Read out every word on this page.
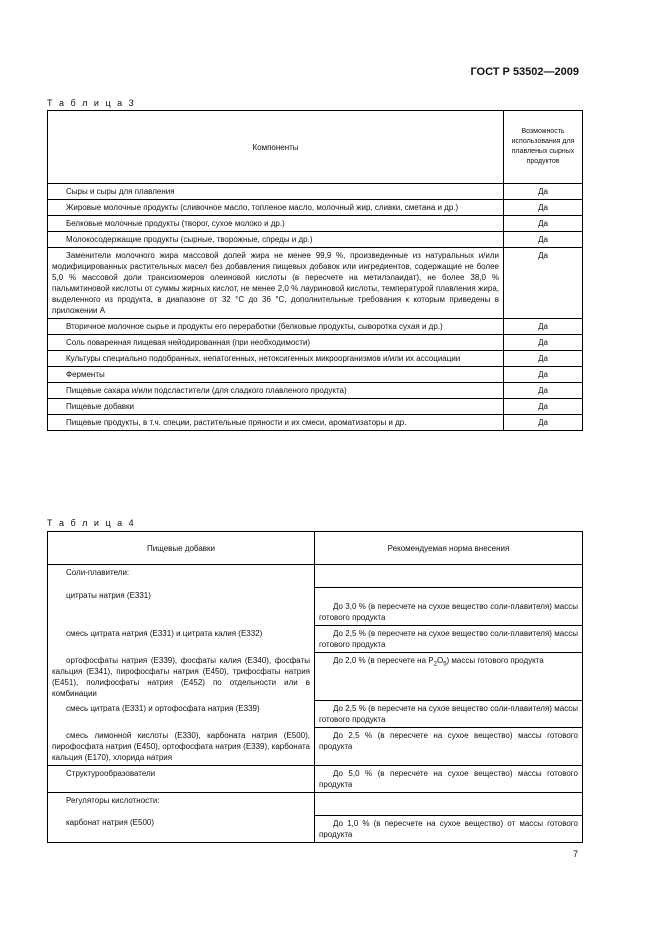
ГОСТ Р 53502—2009
Т а б л и ц а 3
Компоненты	Возможность использования для плавленых сырных продуктов
Сыры и сыры для плавления	Да
Жировые молочные продукты (сливочное масло, топленое масло, молочный жир, сливки, сметана и др.)	Да
Белковые молочные продукты (творог, сухое молоко и др.)	Да
Молокосодержащие продукты (сырные, творожные, спреды и др.)	Да
Заменители молочного жира массовой долей жира не менее 99,9 %, произведенные из натуральных и/или модифицированных растительных масел без добавления пищевых добавок или ингредиентов, содержащие не более 5,0 % массовой доли трансизомеров олеиновой кислоты (в пересчете на метилэлаидат), не более 38,0 % пальмитиновой кислоты от суммы жирных кислот, не менее 2,0 % лауриновой кислоты, температурой плавления жира, выделенного из продукта, в диапазоне от 32 °С до 36 °С, дополнительные требования к которым приведены в приложении А	Да
Вторичное молочное сырье и продукты его переработки (белковые продукты, сыворотка сухая и др.)	Да
Соль поваренная пищевая нейодированная (при необходимости)	Да
Культуры специально подобранных, непатогенных, нетоксигенных микроорганизмов и/или их ассоциации	Да
Ферменты	Да
Пищевые сахара и/или подсластители (для сладкого плавленого продукта)	Да
Пищевые добавки	Да
Пищевые продукты, в т.ч. специи, растительные пряности и их смеси, ароматизаторы и др.	Да
Т а б л и ц а 4
Пищевые добавки	Рекомендуемая норма внесения

Соли-плавители:	

цитраты натрия (Е331)	До 3,0 % (в пересчете на сухое вещество соли-плавителя) массы готового продукта

смесь цитрата натрия (Е331) и цитрата калия (Е332)	До 2,5 % (в пересчете на сухое вещество соли-плавителя) массы готового продукта

ортофосфаты натрия (Е339), фосфаты калия (Е340), фосфаты кальция (Е341), пирофосфаты натрия (Е450), трифосфаты натрия (Е451), полифосфаты натрия (Е452) по отдельности или в комбинации	До 2,0 % (в пересчете на $P_2O_5$) массы готового продукта

смесь цитрата (Е331) и ортофосфата натрия (Е339)	До 2,5 % (в пересчете на сухое вещество соли-плавителя) массы готового продукта

смесь лимонной кислоты (Е330), карбоната натрия (Е500), пирофосфата натрия (Е450), ортофосфата натрия (Е339), карбоната кальция (Е170), хлорида натрия	До 2,5 % (в пересчете на сухое вещество) массы готового продукта

Структурообразователи	До 5,0 % (в пересчете на сухое вещество) массы готового продукта

Регуляторы кислотности:	

карбонат натрия (Е500)	До 1,0 % (в пересчете на сухое вещество) от массы готового продукта
7
